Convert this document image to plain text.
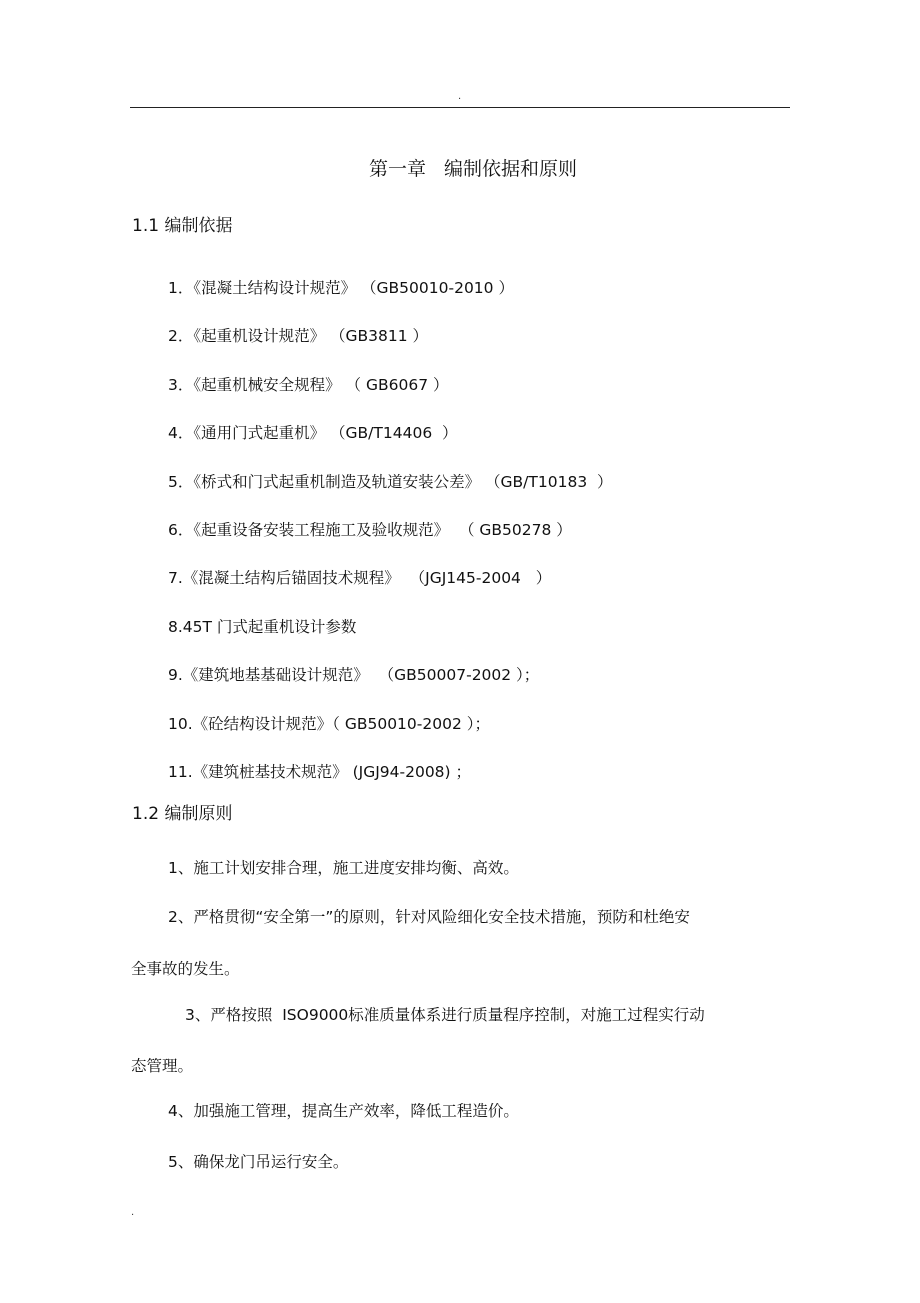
.
第一章   编制依据和原则
1.1 编制依据
1．《混凝土结构设计规范》 （GB50010-2010 ）
2．《起重机设计规范》 （GB3811 ）
3．《起重机械安全规程》 （ GB6067 ）
4．《通用门式起重机》 （GB/T14406  ）
5．《桥式和门式起重机制造及轨道安装公差》 （GB/T10183  ）
6．《起重设备安装工程施工及验收规范》  （ GB50278 ）
7.《混凝土结构后锚固技术规程》  （JGJ145-2004   ）
8.45T 门式起重机设计参数
9.《建筑地基基础设计规范》  （GB50007-2002 ）；
10.《砼结构设计规范》（ GB50010-2002 ）；
11.《建筑桩基技术规范》 (JGJ94-2008) ；
1.2 编制原则
1、施工计划安排合理，施工进度安排均衡、高效。
2、严格贯彻“安全第一”的原则，针对风险细化安全技术措施，预防和杜绝安
全事故的发生。
3、严格按照  ISO9000标准质量体系进行质量程序控制，对施工过程实行动
态管理。
4、加强施工管理，提高生产效率，降低工程造价。
5、确保龙门吊运行安全。
.
